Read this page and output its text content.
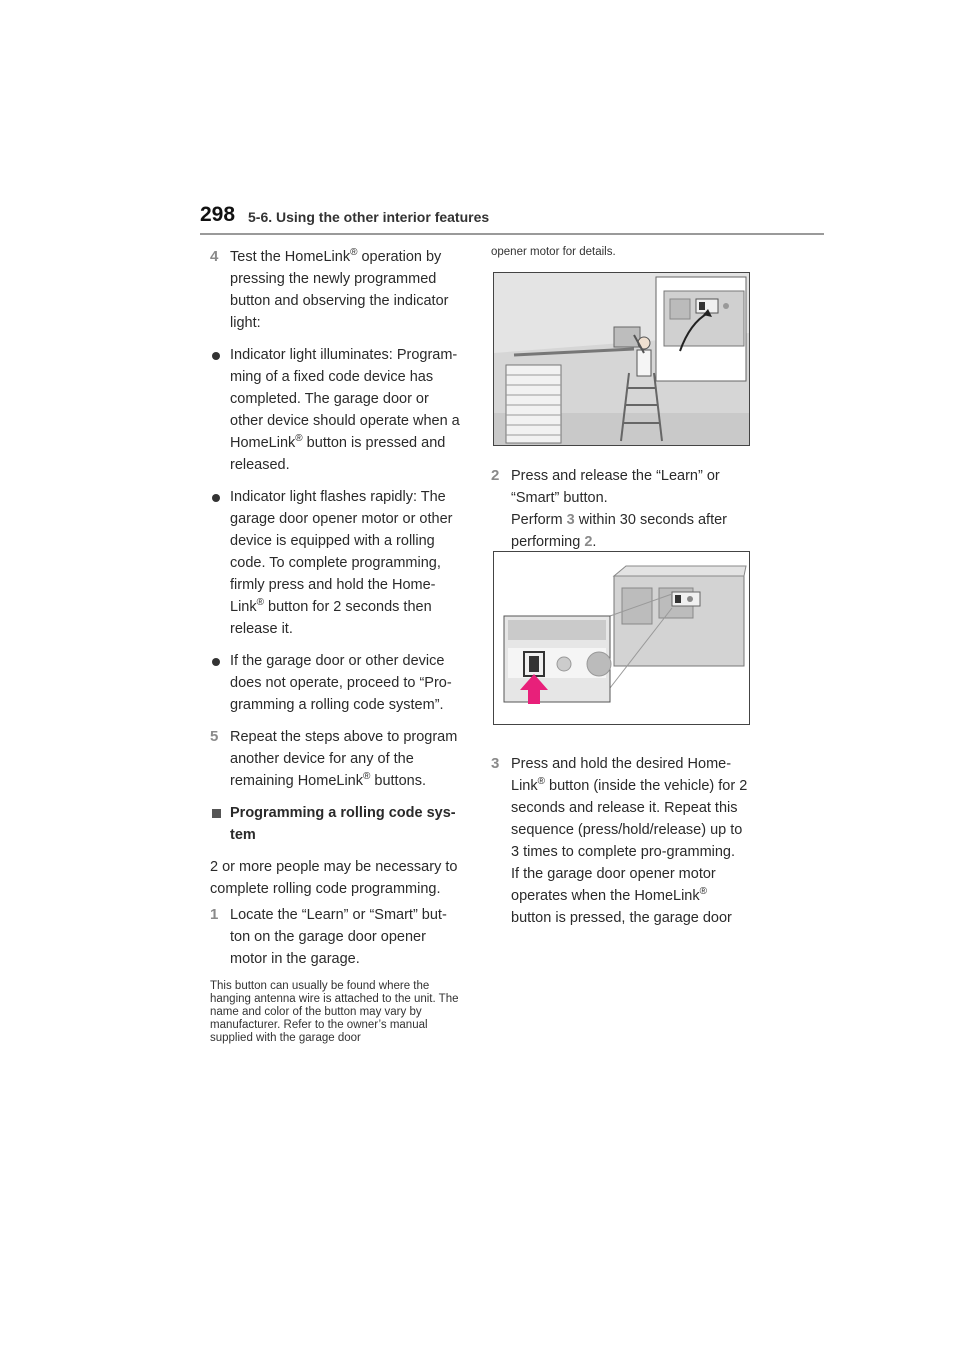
298 5-6. Using the other interior features
4 Test the HomeLink® operation by pressing the newly programmed button and observing the indicator light:
Indicator light illuminates: Program-ming of a fixed code device has completed. The garage door or other device should operate when a HomeLink® button is pressed and released.
Indicator light flashes rapidly: The garage door opener motor or other device is equipped with a rolling code. To complete programming, firmly press and hold the Home-Link® button for 2 seconds then release it.
If the garage door or other device does not operate, proceed to “Pro-gramming a rolling code system”.
5 Repeat the steps above to program another device for any of the remaining HomeLink® buttons.
Programming a rolling code sys-tem
2 or more people may be necessary to complete rolling code programming.
1 Locate the “Learn” or “Smart” but-ton on the garage door opener motor in the garage.
This button can usually be found where the hanging antenna wire is attached to the unit. The name and color of the button may vary by manufacturer. Refer to the owner’s manual supplied with the garage door
opener motor for details.
2 Press and release the “Learn” or “Smart” button.
Perform 3 within 30 seconds after performing 2.
3 Press and hold the desired Home-Link® button (inside the vehicle) for 2 seconds and release it. Repeat this sequence (press/hold/release) up to 3 times to complete pro-gramming.
If the garage door opener motor operates when the HomeLink® button is pressed, the garage door
